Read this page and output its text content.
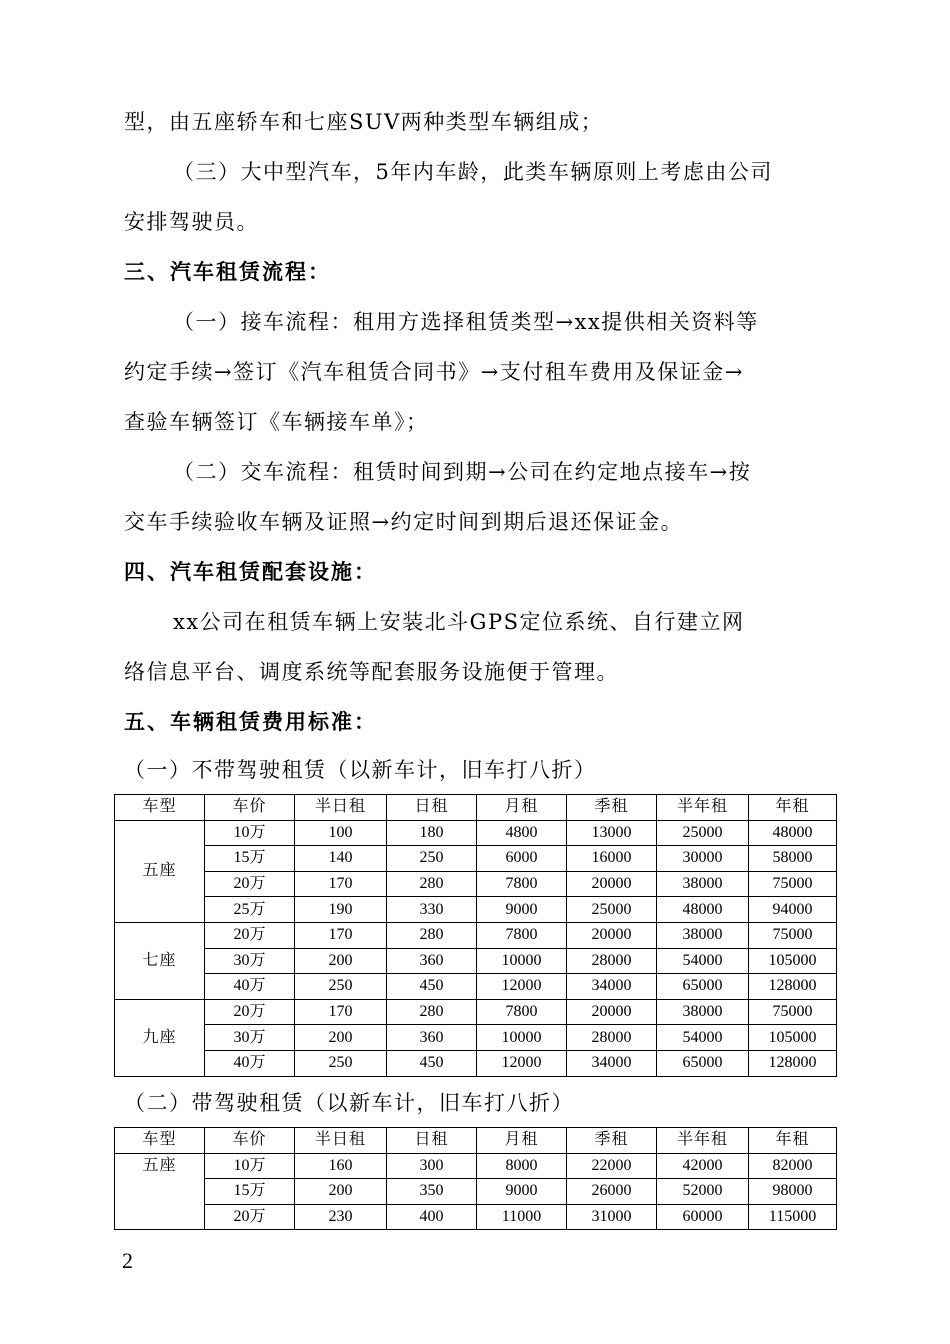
型，由五座轿车和七座SUV两种类型车辆组成；

（三）大中型汽车，5年内车龄，此类车辆原则上考虑由公司

安排驾驶员。

三、汽车租赁流程：

（一）接车流程：租用方选择租赁类型→xx提供相关资料等

约定手续→签订《汽车租赁合同书》→支付租车费用及保证金→

查验车辆签订《车辆接车单》；

（二）交车流程：租赁时间到期→公司在约定地点接车→按

交车手续验收车辆及证照→约定时间到期后退还保证金。

四、汽车租赁配套设施：

xx公司在租赁车辆上安装北斗GPS定位系统、自行建立网

络信息平台、调度系统等配套服务设施便于管理。

五、车辆租赁费用标准：

（一）不带驾驶租赁（以新车计，旧车打八折）
车型	车价	半日租	日租	月租	季租	半年租	年租
五座	10万	100	180	4800	13000	25000	48000
	15万	140	250	6000	16000	30000	58000
	20万	170	280	7800	20000	38000	75000
	25万	190	330	9000	25000	48000	94000
七座	20万	170	280	7800	20000	38000	75000
	30万	200	360	10000	28000	54000	105000
	40万	250	450	12000	34000	65000	128000
九座	20万	170	280	7800	20000	38000	75000
	30万	200	360	10000	28000	54000	105000
	40万	250	450	12000	34000	65000	128000
（二）带驾驶租赁（以新车计，旧车打八折）
车型	车价	半日租	日租	月租	季租	半年租	年租
五座	10万	160	300	8000	22000	42000	82000
	15万	200	350	9000	26000	52000	98000
	20万	230	400	11000	31000	60000	115000
2
